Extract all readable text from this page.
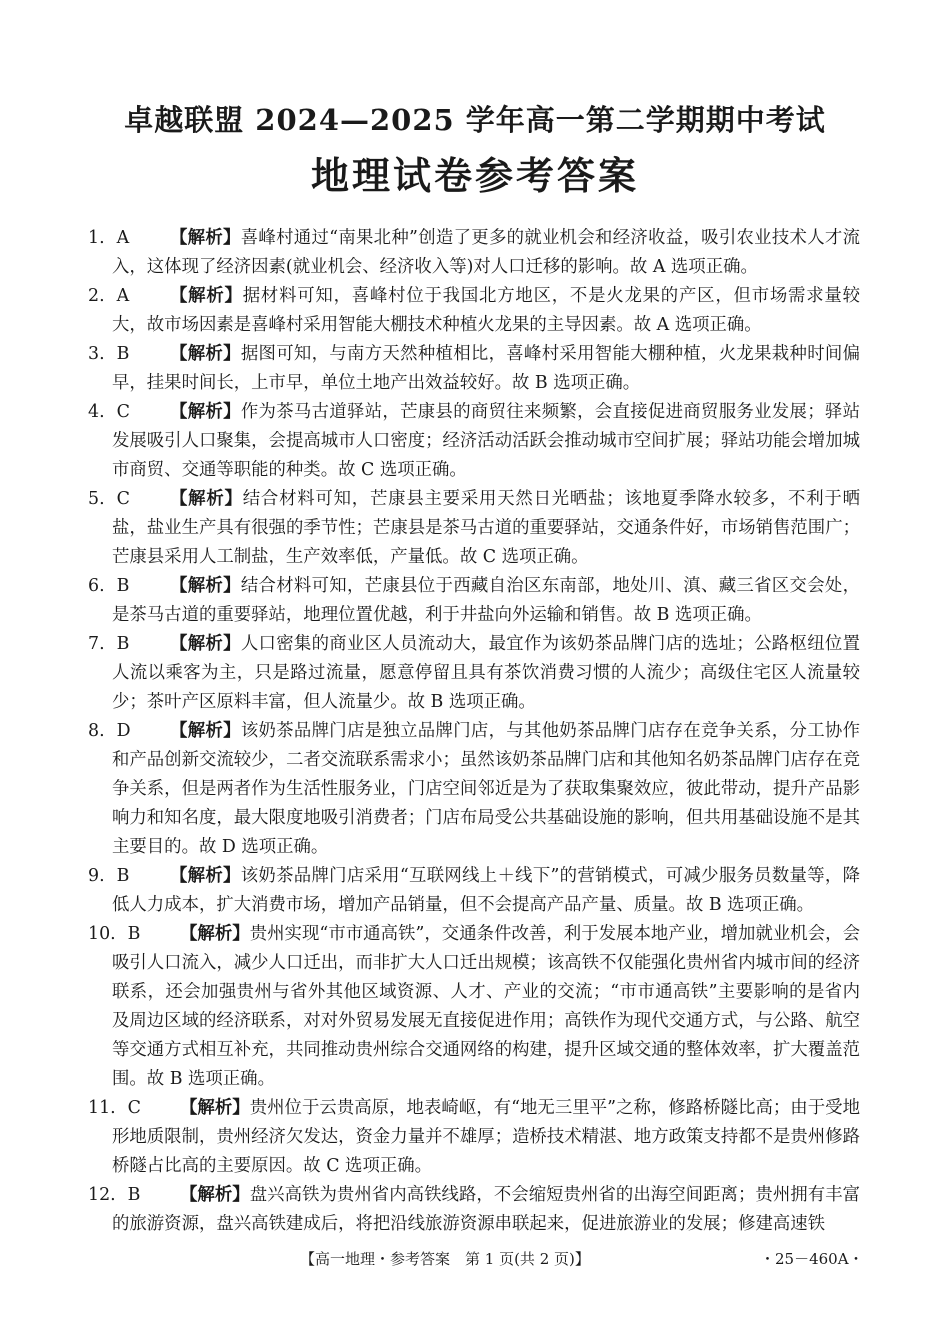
卓越联盟 2024—2025 学年高一第二学期期中考试
地理试卷参考答案
1. A	【解析】喜峰村通过“南果北种”创造了更多的就业机会和经济收益，吸引农业技术人才流入，这体现了经济因素(就业机会、经济收入等)对人口迁移的影响。故 A 选项正确。
2. A	【解析】据材料可知，喜峰村位于我国北方地区，不是火龙果的产区，但市场需求量较大，故市场因素是喜峰村采用智能大棚技术种植火龙果的主导因素。故 A 选项正确。
3. B	【解析】据图可知，与南方天然种植相比，喜峰村采用智能大棚种植，火龙果栽种时间偏早，挂果时间长，上市早，单位土地产出效益较好。故 B 选项正确。
4. C	【解析】作为茶马古道驿站，芒康县的商贸往来频繁，会直接促进商贸服务业发展；驿站发展吸引人口聚集，会提高城市人口密度；经济活动活跃会推动城市空间扩展；驿站功能会增加城市商贸、交通等职能的种类。故 C 选项正确。
5. C	【解析】结合材料可知，芒康县主要采用天然日光晒盐；该地夏季降水较多，不利于晒盐，盐业生产具有很强的季节性；芒康县是茶马古道的重要驿站，交通条件好，市场销售范围广；芒康县采用人工制盐，生产效率低，产量低。故 C 选项正确。
6. B	【解析】结合材料可知，芒康县位于西藏自治区东南部，地处川、滇、藏三省区交会处，是茶马古道的重要驿站，地理位置优越，利于井盐向外运输和销售。故 B 选项正确。
7. B	【解析】人口密集的商业区人员流动大，最宜作为该奶茶品牌门店的选址；公路枢纽位置人流以乘客为主，只是路过流量，愿意停留且具有茶饮消费习惯的人流少；高级住宅区人流量较少；茶叶产区原料丰富，但人流量少。故 B 选项正确。
8. D	【解析】该奶茶品牌门店是独立品牌门店，与其他奶茶品牌门店存在竞争关系，分工协作和产品创新交流较少，二者交流联系需求小；虽然该奶茶品牌门店和其他知名奶茶品牌门店存在竞争关系，但是两者作为生活性服务业，门店空间邻近是为了获取集聚效应，彼此带动，提升产品影响力和知名度，最大限度地吸引消费者；门店布局受公共基础设施的影响，但共用基础设施不是其主要目的。故 D 选项正确。
9. B	【解析】该奶茶品牌门店采用“互联网线上＋线下”的营销模式，可减少服务员数量等，降低人力成本，扩大消费市场，增加产品销量，但不会提高产品产量、质量。故 B 选项正确。
10. B	【解析】贵州实现“市市通高铁”，交通条件改善，利于发展本地产业，增加就业机会，会吸引人口流入，减少人口迁出，而非扩大人口迁出规模；该高铁不仅能强化贵州省内城市间的经济联系，还会加强贵州与省外其他区域资源、人才、产业的交流；“市市通高铁”主要影响的是省内及周边区域的经济联系，对对外贸易发展无直接促进作用；高铁作为现代交通方式，与公路、航空等交通方式相互补充，共同推动贵州综合交通网络的构建，提升区域交通的整体效率，扩大覆盖范围。故 B 选项正确。
11. C	【解析】贵州位于云贵高原，地表崎岖，有“地无三里平”之称，修路桥隧比高；由于受地形地质限制，贵州经济欠发达，资金力量并不雄厚；造桥技术精湛、地方政策支持都不是贵州修路桥隧占比高的主要原因。故 C 选项正确。
12. B	【解析】盘兴高铁为贵州省内高铁线路，不会缩短贵州省的出海空间距离；贵州拥有丰富的旅游资源，盘兴高铁建成后，将把沿线旅游资源串联起来，促进旅游业的发展；修建高速铁
【高一地理・参考答案　第 1 页(共 2 页)】	・25－460A・
